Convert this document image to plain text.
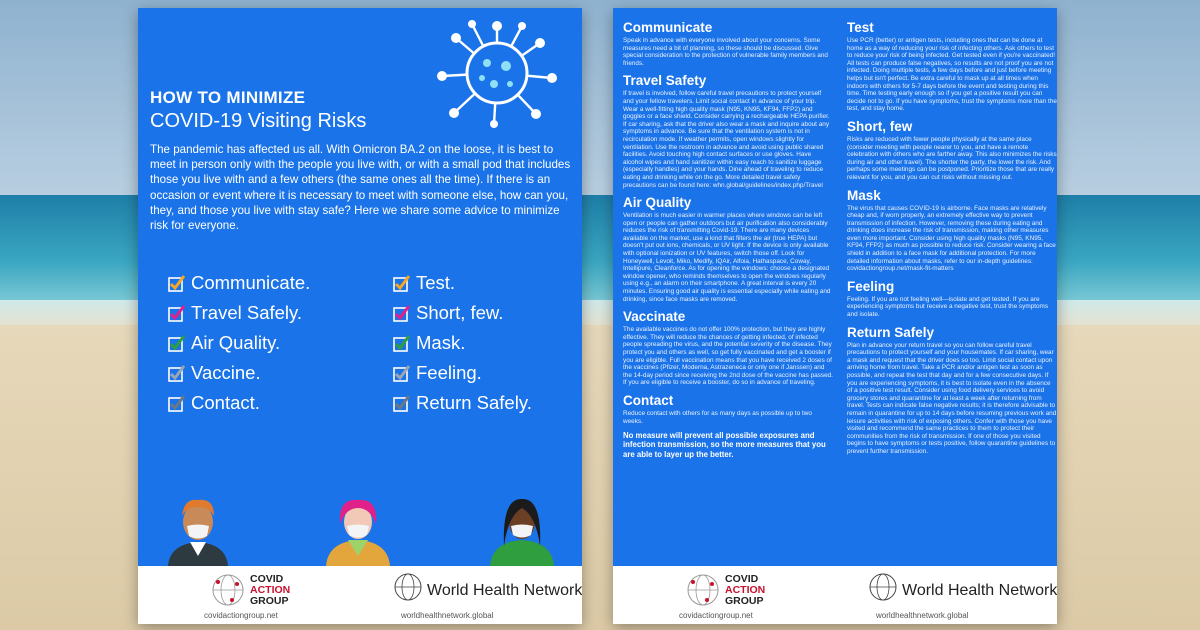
HOW TO MINIMIZE
COVID-19 Visiting Risks

The pandemic has affected us all. With Omicron BA.2 on the loose, it is best to meet in person only with the people you live with, or with a small pod that includes those you live with and a few others (the same ones all the time). If there is an occasion or event where it is necessary to meet with someone else, how can you, they, and those you live with stay safe? Here we share some advice to minimize risk for everyone.

Communicate.
Travel Safely.
Air Quality.
Vaccine.
Contact.
Test.
Short, few.
Mask.
Feeling.
Return Safely.
COVID
ACTION
GROUP
covidactiongroup.net
World Health Network
worldhealthnetwork.global
Communicate

Speak in advance with everyone involved about your concerns. Some measures need a bit of planning, so these should be discussed. Give special consideration to the protection of vulnerable family members and friends.

Travel Safety

If travel is involved, follow careful travel precautions to protect yourself and your fellow travelers. Limit social contact in advance of your trip. Wear a well-fitting high quality mask (N95, KN95, KF94, FFP2) and goggles or a face shield. Consider carrying a rechargeable HEPA purifier. If car sharing, ask that the driver also wear a mask and inquire about any symptoms in advance. Be sure that the ventilation system is not in recirculation mode. If weather permits, open windows slightly for ventilation. Use the restroom in advance and avoid using public shared facilities. Avoid touching high contact surfaces or use gloves. Have alcohol wipes and hand sanitizer within easy reach to sanitize luggage (especially handles) and your hands. Dine ahead of traveling to reduce eating and drinking while on the go. More detailed travel safety precautions can be found here: whn.global/guidelines/index.php/Travel

Air Quality

Ventilation is much easier in warmer places where windows can be left open or people can gather outdoors but air purification also considerably reduces the risk of transmitting Covid-19. There are many devices available on the market, use a kind that filters the air (true HEPA) but doesn't put out ions, chemicals, or UV light. If the device is only available with optional ionization or UV features, switch those off. Look for Honeywell, Levoit, Miko, Medify, IQAir, Alfoia, Hathaspace, Coway, Intellipure, Cleanforce. As for opening the windows: choose a designated window opener, who reminds themselves to open the windows regularly using e.g., an alarm on their smartphone. A great interval is every 20 minutes. Ensuring good air quality is essential especially while eating and drinking, since face masks are removed.

Vaccinate

The available vaccines do not offer 100% protection, but they are highly effective. They will reduce the chances of getting infected, of infected people spreading the virus, and the potential severity of the disease. They protect you and others as well, so get fully vaccinated and get a booster if you are eligible. Full vaccination means that you have received 2 doses of the vaccines (Pfizer, Moderna, Astrazeneca or only one if Janssen) and the 14-day period since receiving the 2nd dose of the vaccine has passed. If you are eligible to receive a booster, do so in advance of traveling.

Contact

Reduce contact with others for as many days as possible up to two weeks.

No measure will prevent all possible exposures and infection transmission, so the more measures that you are able to layer up the better.

Test

Use PCR (better) or antigen tests, including ones that can be done at home as a way of reducing your risk of infecting others. Ask others to test to reduce your risk of being infected. Get tested even if you're vaccinated! All tests can produce false negatives, so results are not proof you are not infected. Doing multiple tests, a few days before and just before meeting helps but isn't perfect. Be extra careful to mask up at all times when indoors with others for 5-7 days before the event and testing during this time. Time testing early enough so if you get a positive result you can decide not to go. If you have symptoms, trust the symptoms more than the test, and stay home.

Short, few

Risks are reduced with fewer people physically at the same place (consider meeting with people nearer to you, and have a remote celebration with others who are farther away. This also minimizes the risks during air and other travel). The shorter the party, the lower the risk. And perhaps some meetings can be postponed. Prioritize those that are really relevant for you, and you can cut risks without missing out.

Mask

The virus that causes COVID-19 is airborne. Face masks are relatively cheap and, if worn properly, an extremely effective way to prevent transmission of infection. However, removing these during eating and drinking does increase the risk of transmission, making other measures even more important. Consider using high quality masks (N95, KN95, KF94, FFP2) as much as possible to reduce risk. Consider wearing a face shield in addition to a face mask for additional protection. For more detailed information about masks, refer to our in-depth guidelines: covidactiongroup.net/mask-fit-matters

Feeling

Feeling. If you are not feeling well—isolate and get tested. If you are experiencing symptoms but receive a negative test, trust the symptoms and isolate.

Return Safely

Plan in advance your return travel so you can follow careful travel precautions to protect yourself and your housemates. If car sharing, wear a mask and request that the driver does so too. Limit social contact upon arriving home from travel. Take a PCR and/or antigen test as soon as possible, and repeat the test that day and for a few consecutive days. If you are experiencing symptoms, it is best to isolate even in the absence of a positive test result. Consider using food delivery services to avoid grocery stores and quarantine for at least a week after returning from travel. Tests can indicate false negative results; it is therefore advisable to remain in quarantine for up to 14 days before resuming previous work and leisure activities with risk of exposing others. Confer with those you have visited and recommend the same practices to them to protect their communities from the risk of transmission. If one of those you visited begins to have symptoms or tests positive, follow quarantine guidelines to prevent further transmission.

COVID
ACTION
GROUP
covidactiongroup.net
World Health Network
worldhealthnetwork.global
